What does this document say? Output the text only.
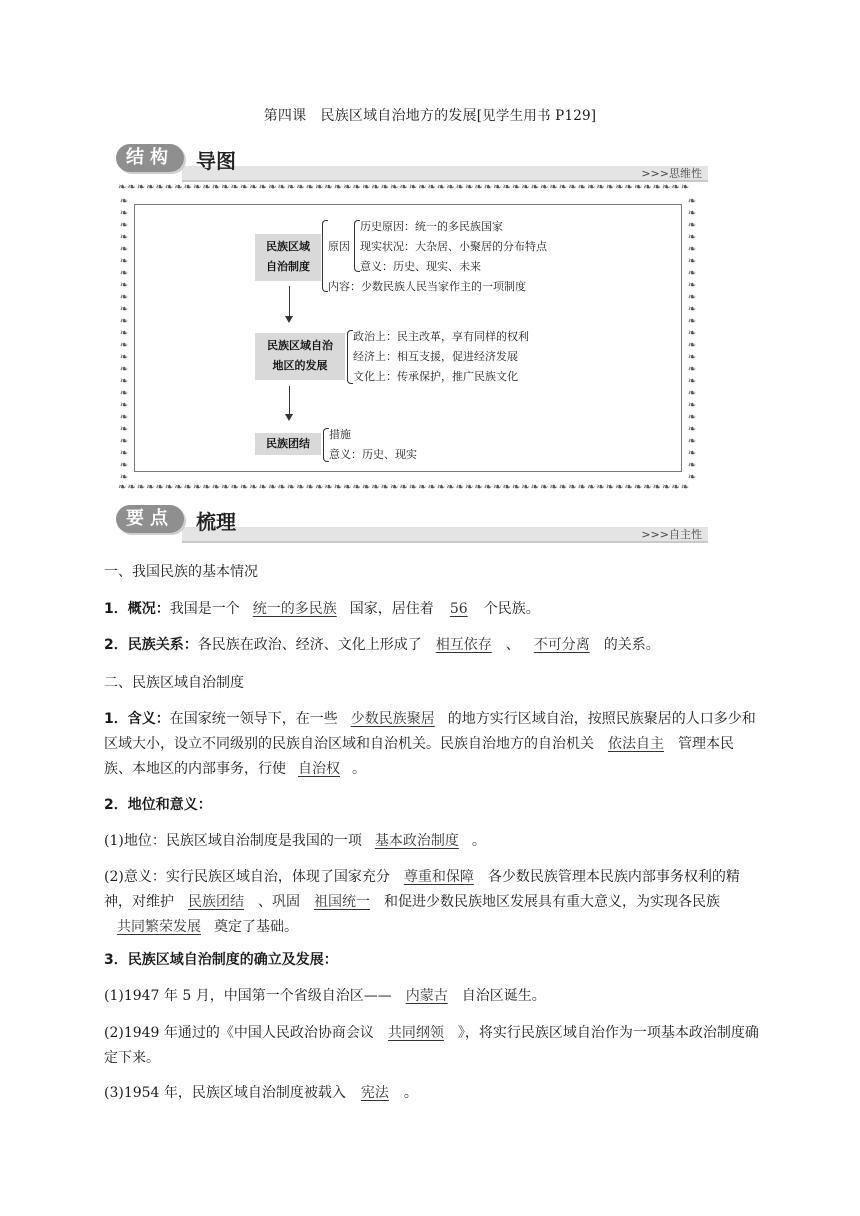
第四课　民族区域自治地方的发展[见学生用书 P129]
结构	导图
>>>思维性
❧❧❧❧❧❧❧❧❧❧❧❧❧❧❧❧❧❧❧❧❧❧❧❧❧❧❧❧❧❧❧❧❧❧❧❧❧❧❧❧❧❧❧❧❧❧❧❧❧❧❧❧❧❧❧❧❧❧❧❧❧
❧❧❧❧❧❧❧❧❧❧❧❧❧❧❧❧❧❧❧❧❧❧❧❧❧❧❧❧❧❧❧❧❧❧❧❧❧❧❧❧❧❧❧❧❧❧❧❧❧❧❧❧❧❧❧❧❧❧❧❧❧
❧❧❧❧❧❧❧❧❧❧❧❧❧❧❧❧❧❧❧❧❧❧❧❧
❧❧❧❧❧❧❧❧❧❧❧❧❧❧❧❧❧❧❧❧❧❧❧❧
民族区域
自治制度
原因
历史原因：统一的多民族国家
现实状况：大杂居、小聚居的分布特点
意义：历史、现实、未来
内容：少数民族人民当家作主的一项制度
民族区域自治
地区的发展
政治上：民主改革，享有同样的权利
经济上：相互支援，促进经济发展
文化上：传承保护，推广民族文化
民族团结
措施
意义：历史、现实
要点	梳理
>>>自主性
一、我国民族的基本情况
1．概况：我国是一个 统一的多民族 国家，居住着 56 个民族。
2．民族关系：各民族在政治、经济、文化上形成了 相互依存 、 不可分离 的关系。
二、民族区域自治制度
1．含义：在国家统一领导下，在一些 少数民族聚居 的地方实行区域自治，按照民族聚居的人口多少和区域大小，设立不同级别的民族自治区域和自治机关。民族自治地方的自治机关 依法自主 管理本民族、本地区的内部事务，行使 自治权 。
2．地位和意义：
(1)地位：民族区域自治制度是我国的一项 基本政治制度 。
(2)意义：实行民族区域自治，体现了国家充分 尊重和保障 各少数民族管理本民族内部事务权利的精神，对维护 民族团结 、巩固 祖国统一 和促进少数民族地区发展具有重大意义，为实现各民族共同繁荣发展 奠定了基础。
3．民族区域自治制度的确立及发展：
(1)1947 年 5 月，中国第一个省级自治区—— 内蒙古 自治区诞生。
(2)1949 年通过的《中国人民政治协商会议 共同纲领 》，将实行民族区域自治作为一项基本政治制度确定下来。
(3)1954 年，民族区域自治制度被载入 宪法 。
